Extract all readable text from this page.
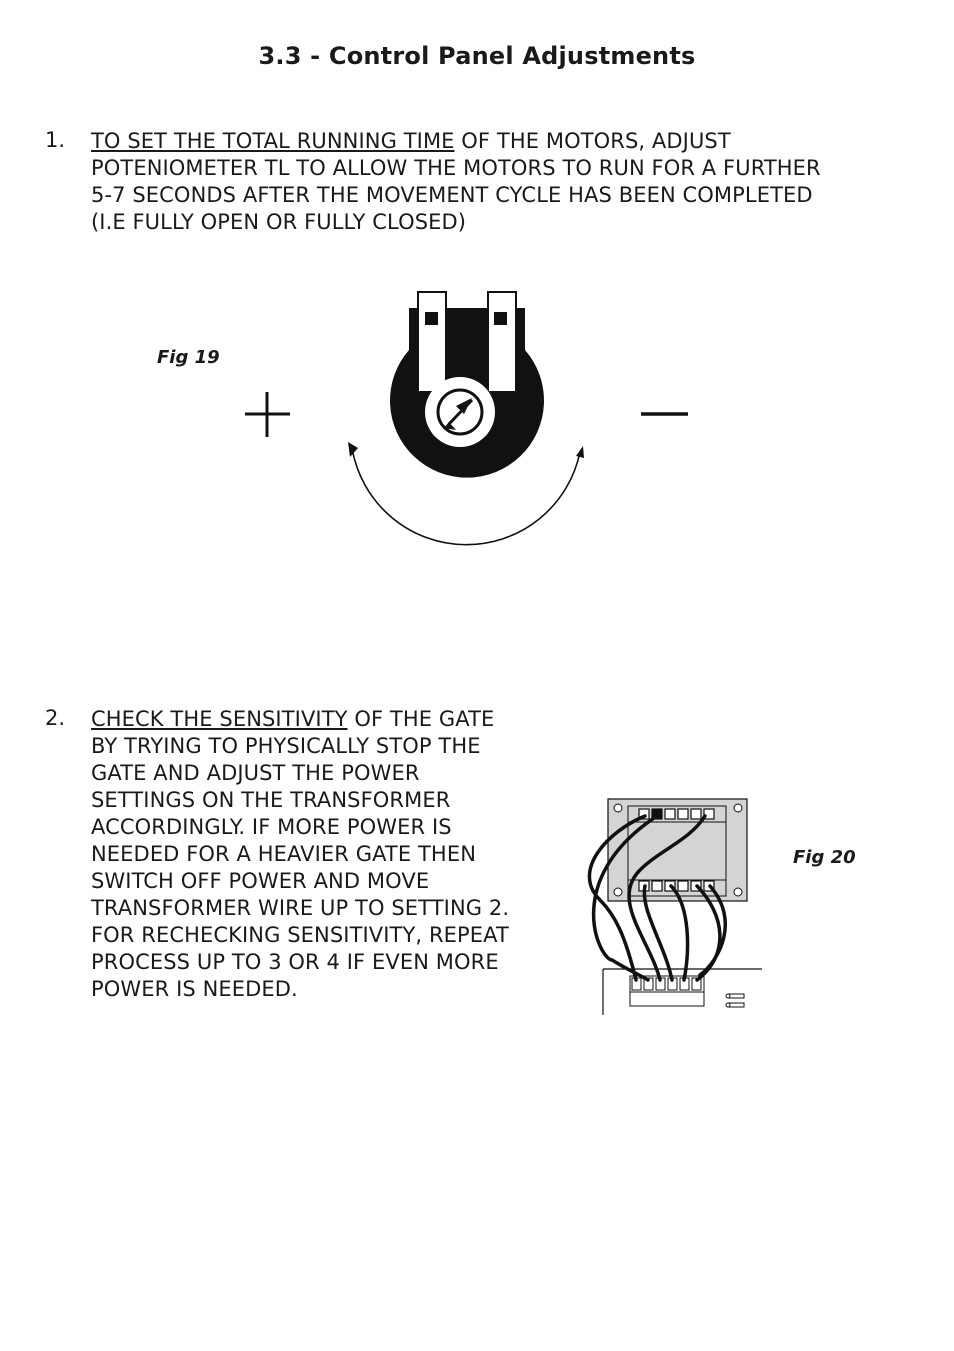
3.3 - Control Panel Adjustments
1. TO SET THE TOTAL RUNNING TIME OF THE MOTORS, ADJUST
POTENIOMETER TL TO ALLOW THE MOTORS TO RUN FOR A FURTHER
5-7 SECONDS AFTER THE MOVEMENT CYCLE HAS BEEN COMPLETED
(I.E FULLY OPEN OR FULLY CLOSED)
Fig 19
2. CHECK THE SENSITIVITY OF THE GATE
BY TRYING TO PHYSICALLY STOP THE
GATE AND ADJUST THE POWER
SETTINGS ON THE TRANSFORMER
ACCORDINGLY. IF MORE POWER IS
NEEDED FOR A HEAVIER GATE THEN
SWITCH OFF POWER AND MOVE
TRANSFORMER WIRE UP TO SETTING 2.
FOR RECHECKING SENSITIVITY, REPEAT
PROCESS UP TO 3 OR 4 IF EVEN MORE
POWER IS NEEDED.
Fig 20
